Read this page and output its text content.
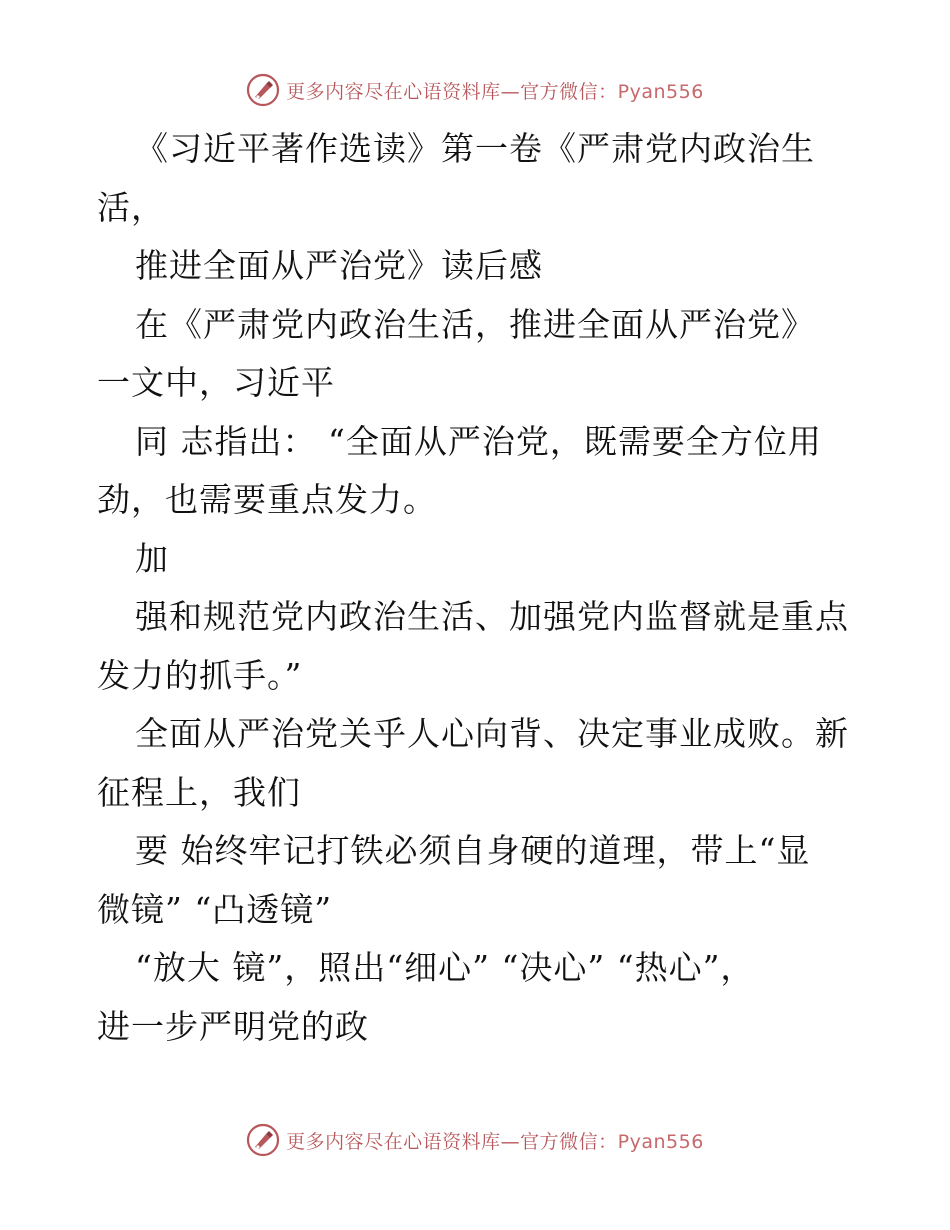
更多内容尽在心语资料库—官方微信：Pyan556
《习近平著作选读》第一卷《严肃党内政治生
活，
推进全面从严治党》读后感
在《严肃党内政治生活，推进全面从严治党》
一文中，习近平
同 志指出： “全面从严治党，既需要全方位用
劲，也需要重点发力。
加
强和规范党内政治生活、加强党内监督就是重点
发力的抓手。”
全面从严治党关乎人心向背、决定事业成败。新
征程上，我们
要 始终牢记打铁必须自身硬的道理，带上“显
微镜” “凸透镜”
“放大 镜”，照出“细心” “决心” “热心”，
进一步严明党的政
更多内容尽在心语资料库—官方微信：Pyan556
